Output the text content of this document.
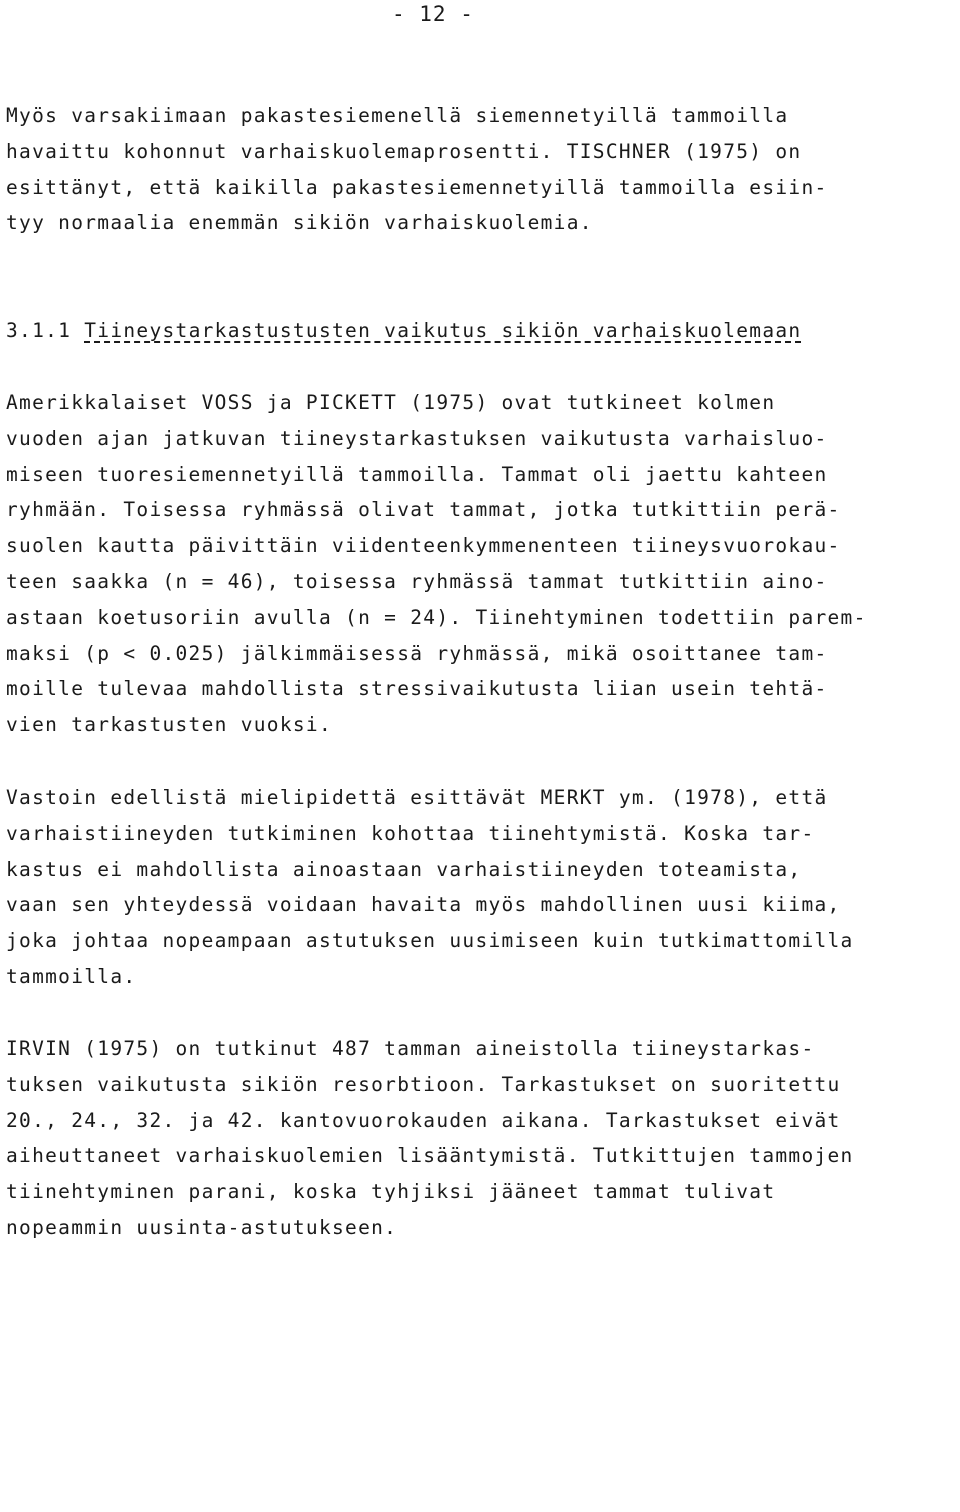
- 12 -
Myös varsakiimaan pakastesiemenellä siemennetyillä tammoilla
havaittu kohonnut varhaiskuolemaprosentti. TISCHNER (1975) on
esittänyt, että kaikilla pakastesiemennetyillä tammoilla esiin-
tyy normaalia enemmän sikiön varhaiskuolemia.
3.1.1 Tiineystarkastustusten vaikutus sikiön varhaiskuolemaan
Amerikkalaiset VOSS ja PICKETT (1975) ovat tutkineet kolmen
vuoden ajan jatkuvan tiineystarkastuksen vaikutusta varhaisluo-
miseen tuoresiemennetyillä tammoilla. Tammat oli jaettu kahteen
ryhmään. Toisessa ryhmässä olivat tammat, jotka tutkittiin perä-
suolen kautta päivittäin viidenteenkymmenenteen tiineysvuorokau-
teen saakka (n = 46), toisessa ryhmässä tammat tutkittiin aino-
astaan koetusoriin avulla (n = 24). Tiinehtyminen todettiin parem-
maksi (p < 0.025) jälkimmäisessä ryhmässä, mikä osoittanee tam-
moille tulevaa mahdollista stressivaikutusta liian usein tehtä-
vien tarkastusten vuoksi.
Vastoin edellistä mielipidettä esittävät MERKT ym. (1978), että
varhaistiineyden tutkiminen kohottaa tiinehtymistä. Koska tar-
kastus ei mahdollista ainoastaan varhaistiineyden toteamista,
vaan sen yhteydessä voidaan havaita myös mahdollinen uusi kiima,
joka johtaa nopeampaan astutuksen uusimiseen kuin tutkimattomilla
tammoilla.
IRVIN (1975) on tutkinut 487 tamman aineistolla tiineystarkas-
tuksen vaikutusta sikiön resorbtioon. Tarkastukset on suoritettu
20., 24., 32. ja 42. kantovuorokauden aikana. Tarkastukset eivät
aiheuttaneet varhaiskuolemien lisääntymistä. Tutkittujen tammojen
tiinehtyminen parani, koska tyhjiksi jääneet tammat tulivat
nopeammin uusinta-astutukseen.
